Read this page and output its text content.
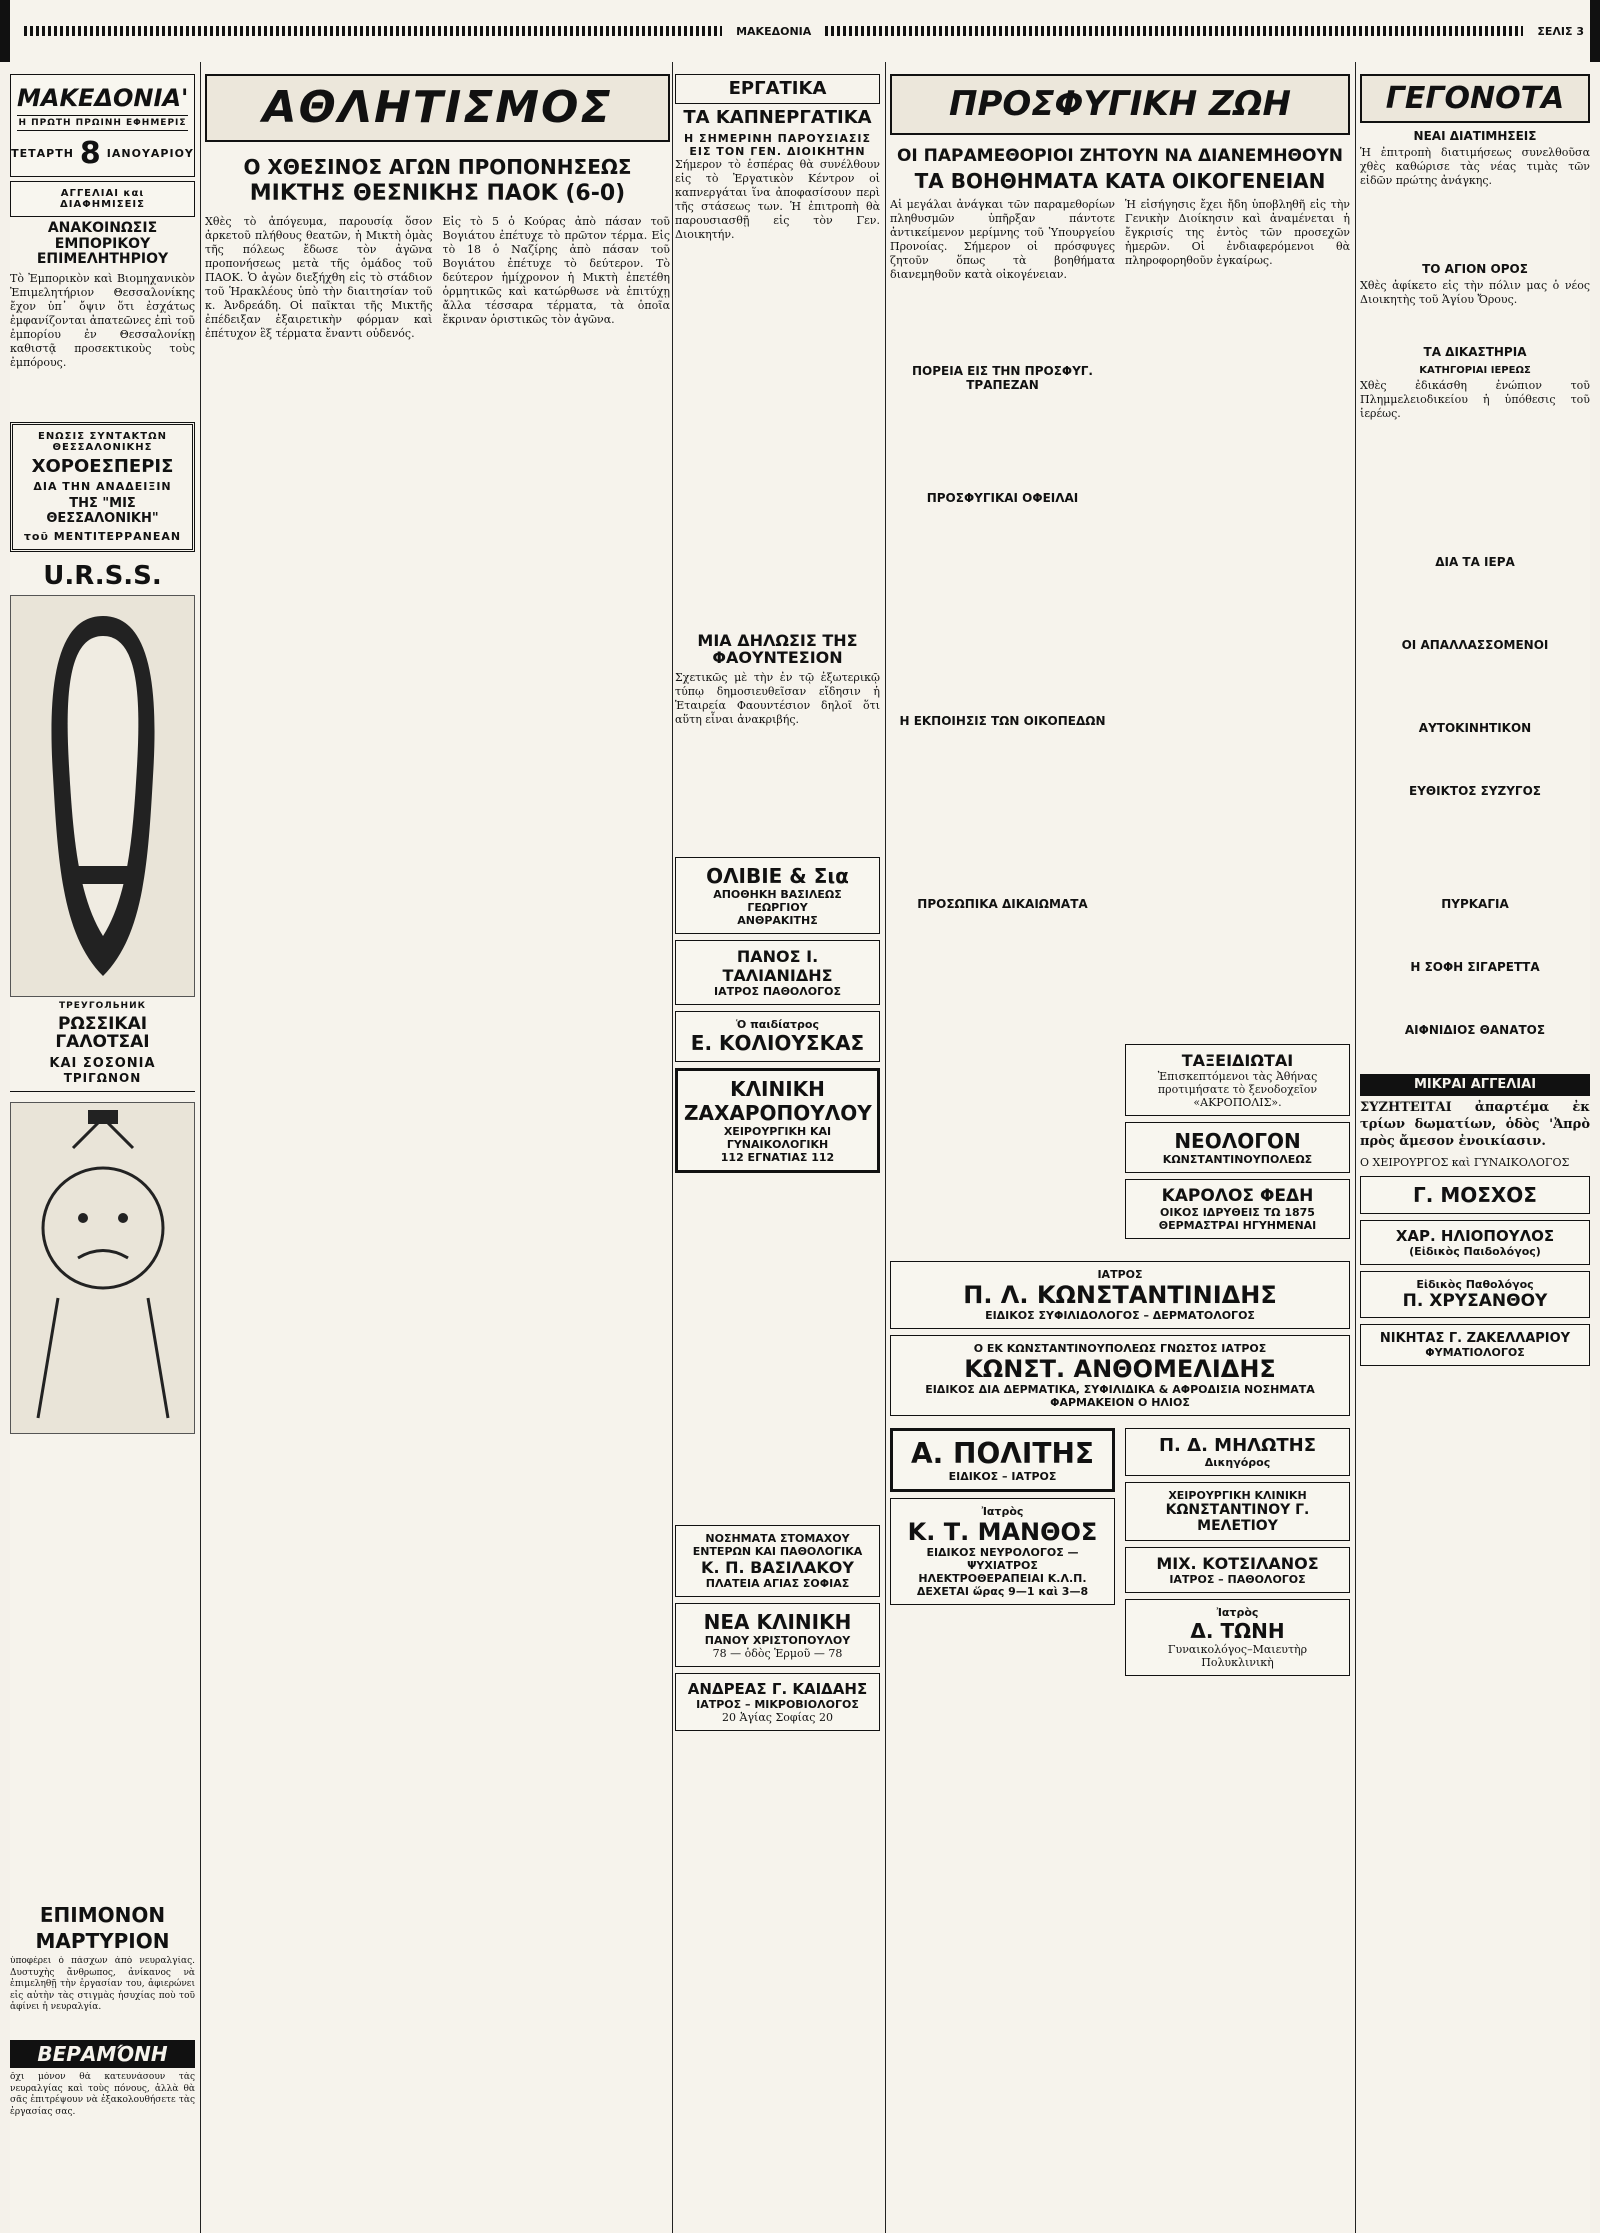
ΜΑΚΕΔΟΝΙΑ	ΣΕΛΙΣ 3
ΜΑΚΕΔΟΝΙΑ'
Η ΠΡΩΤΗ ΠΡΩΙΝΗ ΕΦΗΜΕΡΙΣ
ΤΕΤΑΡΤΗ 8 ΙΑΝΟΥΑΡΙΟΥ
ΑΓΓΕΛΙΑΙ και ΔΙΑΦΗΜΙΣΕΙΣ
ΑΝΑΚΟΙΝΩΣΙΣ ΕΜΠΟΡΙΚΟΥ ΕΠΙΜΕΛΗΤΗΡΙΟΥ
Τὸ Ἐμπορικὸν καὶ Βιομηχανικὸν Ἐπιμελητήριον Θεσσαλονίκης ἔχον ὑπ᾿ ὄψιν ὅτι ἐσχάτως ἐμφανίζονται ἀπατεῶνες ἐπὶ τοῦ ἐμπορίου ἐν Θεσσαλονίκῃ καθιστᾷ προσεκτικοὺς τοὺς ἐμπόρους.
ΕΝΩΣΙΣ ΣΥΝΤΑΚΤΩΝ ΘΕΣΣΑΛΟΝΙΚΗΣ
ΧΟΡΟΕΣΠΕΡΙΣ
ΔΙΑ ΤΗΝ ΑΝΑΔΕΙΞΙΝ
ΤΗΣ "ΜΙΣ ΘΕΣΣΑΛΟΝΙΚΗ"
τοῦ ΜΕΝΤΙΤΕΡΡΑΝΕΑΝ
U.R.S.S.
ТРЕУГОЛЬНИК
ΡΩΣΣΙΚΑΙ ΓΑΛΟΤΣΑΙ
ΚΑΙ ΣΟΣΟΝΙΑ
ΤΡΙΓΩΝΟΝ
ΑΘΛΗΤΙΣΜΟΣ
Ο ΧΘΕΣΙΝΟΣ ΑΓΩΝ ΠΡΟΠΟΝΗΣΕΩΣ
ΜΙΚΤΗΣ ΘΕΣΝΙΚΗΣ ΠΑΟΚ (6-0)

Χθὲς τὸ ἀπόγευμα, παρουσίᾳ ὅσον ἀρκετοῦ πλήθους θεατῶν, ἡ Μικτὴ ὁμὰς τῆς πόλεως ἔδωσε τὸν ἀγῶνα προπονήσεως μετὰ τῆς ὁμάδος τοῦ ΠΑΟΚ. Ὁ ἀγὼν διεξήχθη εἰς τὸ στάδιον τοῦ Ἡρακλέους ὑπὸ τὴν διαιτησίαν τοῦ κ. Ἀνδρεάδη. Οἱ παῖκται τῆς Μικτῆς ἐπέδειξαν ἐξαιρετικὴν φόρμαν καὶ ἐπέτυχον ἓξ τέρματα ἔναντι οὐδενός.

Εἰς τὸ 5 ὁ Κούρας ἀπὸ πάσαν τοῦ Βογιάτου ἐπέτυχε τὸ πρῶτον τέρμα. Εἰς τὸ 18 ὁ Ναζίρης ἀπὸ πάσαν τοῦ Βογιάτου ἐπέτυχε τὸ δεύτερον. Τὸ δεύτερον ἡμίχρονον ἡ Μικτὴ ἐπετέθη ὁρμητικῶς καὶ κατώρθωσε νὰ ἐπιτύχῃ ἄλλα τέσσαρα τέρματα, τὰ ὁποῖα ἔκριναν ὁριστικῶς τὸν ἀγῶνα.

ΕΡΓΑΤΙΚΑ
ΤΑ ΚΑΠΝΕΡΓΑΤΙΚΑ
Η ΣΗΜΕΡΙΝΗ ΠΑΡΟΥΣΙΑΣΙΣ ΕΙΣ ΤΟΝ ΓΕΝ. ΔΙΟΙΚΗΤΗΝ
Σήμερον τὸ ἑσπέρας θὰ συνέλθουν εἰς τὸ Ἐργατικὸν Κέντρον οἱ καπνεργάται ἵνα ἀποφασίσουν περὶ τῆς στάσεως των. Ἡ ἐπιτροπὴ θὰ παρουσιασθῇ εἰς τὸν Γεν. Διοικητήν.
ΜΙΑ ΔΗΛΩΣΙΣ ΤΗΣ ΦΑΟΥΝΤΕΣΙΟΝ
Σχετικῶς μὲ τὴν ἐν τῷ ἐξωτερικῷ τύπῳ δημοσιευθεῖσαν εἴδησιν ἡ Ἑταιρεία Φαουντέσιον δηλοῖ ὅτι αὕτη εἶναι ἀνακριβής.
ΟΛΙΒΙΕ & Σια
ΑΠΟΘΗΚΗ ΒΑΣΙΛΕΩΣ ΓΕΩΡΓΙΟΥ
ΑΝΘΡΑΚΙΤΗΣ
ΠΑΝΟΣ Ι. ΤΑΛΙΑΝΙΔΗΣ
ΙΑΤΡΟΣ ΠΑΘΟΛΟΓΟΣ
Ὁ παιδίατρος
Ε. ΚΟΛΙΟΥΣΚΑΣ
ΚΛΙΝΙΚΗ ΖΑΧΑΡΟΠΟΥΛΟΥ
ΧΕΙΡΟΥΡΓΙΚΗ ΚΑΙ ΓΥΝΑΙΚΟΛΟΓΙΚΗ
112 ΕΓΝΑΤΙΑΣ 112
ΝΟΣΗΜΑΤΑ ΣΤΟΜΑΧΟΥ ΕΝΤΕΡΩΝ ΚΑΙ ΠΑΘΟΛΟΓΙΚΑ
Κ. Π. ΒΑΣΙΛΑΚΟΥ
ΠΛΑΤΕΙΑ ΑΓΙΑΣ ΣΟΦΙΑΣ
ΝΕΑ ΚΛΙΝΙΚΗ
ΠΑΝΟΥ ΧΡΙΣΤΟΠΟΥΛΟΥ
78 — ὁδὸς Ἑρμοῦ — 78
ΑΝΔΡΕΑΣ Γ. ΚΑΙΔΑΗΣ
ΙΑΤΡΟΣ – ΜΙΚΡΟΒΙΟΛΟΓΟΣ
20 Ἁγίας Σοφίας 20
ΠΡΟΣΦΥΓΙΚΗ ΖΩΗ
ΟΙ ΠΑΡΑΜΕΘΟΡΙΟΙ ΖΗΤΟΥΝ ΝΑ ΔΙΑΝΕΜΗΘΟΥΝ
ΤΑ ΒΟΗΘΗΜΑΤΑ ΚΑΤΑ ΟΙΚΟΓΕΝΕΙΑΝ
Αἱ μεγάλαι ἀνάγκαι τῶν παραμεθορίων πληθυσμῶν ὑπῆρξαν πάντοτε ἀντικείμενον μερίμνης τοῦ Ὑπουργείου Προνοίας. Σήμερον οἱ πρόσφυγες ζητοῦν ὅπως τὰ βοηθήματα διανεμηθοῦν κατὰ οἰκογένειαν.
ΠΟΡΕΙΑ ΕΙΣ ΤΗΝ ΠΡΟΣΦΥΓ. ΤΡΑΠΕΖΑΝ
ΠΡΟΣΦΥΓΙΚΑΙ ΟΦΕΙΛΑΙ
Η ΕΚΠΟΙΗΣΙΣ ΤΩΝ ΟΙΚΟΠΕΔΩΝ
ΠΡΟΣΩΠΙΚΑ ΔΙΚΑΙΩΜΑΤΑ
Ἡ εἰσήγησις ἔχει ἤδη ὑποβληθῆ εἰς τὴν Γενικὴν Διοίκησιν καὶ ἀναμένεται ἡ ἔγκρισίς της ἐντὸς τῶν προσεχῶν ἡμερῶν. Οἱ ἐνδιαφερόμενοι θὰ πληροφορηθοῦν ἐγκαίρως.
ΤΑΞΕΙΔΙΩΤΑΙ
Ἐπισκεπτόμενοι τὰς Ἀθήνας προτιμήσατε τὸ ξενοδοχεῖον «ΑΚΡΟΠΟΛΙΣ».
ΝΕΟΛΟΓΟΝ
ΚΩΝΣΤΑΝΤΙΝΟΥΠΟΛΕΩΣ
ΚΑΡΟΛΟΣ ΦΕΔΗ
ΟΙΚΟΣ ΙΔΡΥΘΕΙΣ ΤΩ 1875
ΘΕΡΜΑΣΤΡΑΙ ΗΓΥΗΜΕΝΑΙ
ΙΑΤΡΟΣ
Π. Λ. ΚΩΝΣΤΑΝΤΙΝΙΔΗΣ
ΕΙΔΙΚΟΣ ΣΥΦΙΛΙΔΟΛΟΓΟΣ – ΔΕΡΜΑΤΟΛΟΓΟΣ
Ο ΕΚ ΚΩΝΣΤΑΝΤΙΝΟΥΠΟΛΕΩΣ ΓΝΩΣΤΟΣ ΙΑΤΡΟΣ
ΚΩΝΣΤ. ΑΝΘΟΜΕΛΙΔΗΣ
ΕΙΔΙΚΟΣ ΔΙΑ ΔΕΡΜΑΤΙΚΑ, ΣΥΦΙΛΙΔΙΚΑ & ΑΦΡΟΔΙΣΙΑ ΝΟΣΗΜΑΤΑ
ΦΑΡΜΑΚΕΙΟΝ Ο ΗΛΙΟΣ
Α. ΠΟΛΙΤΗΣ
ΕΙΔΙΚΟΣ – ΙΑΤΡΟΣ
Ἰατρὸς
Κ. Τ. ΜΑΝΘΟΣ
ΕΙΔΙΚΟΣ ΝΕΥΡΟΛΟΓΟΣ — ΨΥΧΙΑΤΡΟΣ
ΗΛΕΚΤΡΟΘΕΡΑΠΕΙΑΙ Κ.Λ.Π.
ΔΕΧΕΤΑΙ ὥρας 9—1 καὶ 3—8
Π. Δ. ΜΗΛΩΤΗΣ
Δικηγόρος
ΧΕΙΡΟΥΡΓΙΚΗ ΚΛΙΝΙΚΗ
ΚΩΝΣΤΑΝΤΙΝΟΥ Γ. ΜΕΛΕΤΙΟΥ
ΜΙΧ. ΚΟΤΣΙΛΑΝΟΣ
ΙΑΤΡΟΣ – ΠΑΘΟΛΟΓΟΣ
Ἰατρὸς
Δ. ΤΩΝΗ
Γυναικολόγος–Μαιευτὴρ Πολυκλινικὴ
ΓΕΓΟΝΟΤΑ
ΝΕΑΙ ΔΙΑΤΙΜΗΣΕΙΣ
Ἡ ἐπιτροπὴ διατιμήσεως συνελθοῦσα χθὲς καθώρισε τὰς νέας τιμὰς τῶν εἰδῶν πρώτης ἀνάγκης.
ΤΟ ΑΓΙΟΝ ΟΡΟΣ
Χθὲς ἀφίκετο εἰς τὴν πόλιν μας ὁ νέος Διοικητὴς τοῦ Ἁγίου Ὄρους.
ΤΑ ΔΙΚΑΣΤΗΡΙΑ
ΚΑΤΗΓΟΡΙΑΙ ΙΕΡΕΩΣ
Χθὲς ἐδικάσθη ἐνώπιον τοῦ Πλημμελειοδικείου ἡ ὑπόθεσις τοῦ ἱερέως.
ΔΙΑ ΤΑ ΙΕΡΑ
ΟΙ ΑΠΑΛΛΑΣΣΟΜΕΝΟΙ
ΑΥΤΟΚΙΝΗΤΙΚΟΝ
ΕΥΘΙΚΤΟΣ ΣΥΖΥΓΟΣ
ΠΥΡΚΑΓΙΑ
Η ΣΟΦΗ ΣΙΓΑΡΕΤΤΑ
ΑΙΦΝΙΔΙΟΣ ΘΑΝΑΤΟΣ
ΜΙΚΡΑΙ ΑΓΓΕΛΙΑΙ
ΣΥΖΗΤΕΙΤΑΙ ἀπαρτέμα ἐκ τρίων δωματίων, ὁδὸς 'Ἀπρὸ πρὸς ἄμεσον ἐνοικίασιν.
Ο ΧΕΙΡΟΥΡΓΟΣ καὶ ΓΥΝΑΙΚΟΛΟΓΟΣ
Γ. ΜΟΣΧΟΣ
ΧΑΡ. ΗΛΙΟΠΟΥΛΟΣ
(Εἰδικὸς Παιδολόγος)
Εἰδικὸς Παθολόγος
Π. ΧΡΥΣΑΝΘΟΥ
ΝΙΚΗΤΑΣ Γ. ΖΑΚΕΛΛΑΡΙΟΥ
ΦΥΜΑΤΙΟΛΟΓΟΣ
ΕΠΙΜΟΝΟΝ
ΜΑΡΤΥΡΙΟΝ
ὑποφέρει ὁ πάσχων ἀπὸ νευραλγίας. Δυστυχὴς ἄνθρωπος, ἀνίκανος νὰ ἐπιμεληθῇ τὴν ἐργασίαν του, ἀφιερώνει εἰς αὐτὴν τὰς στιγμὰς ἡσυχίας ποὺ τοῦ ἀφίνει ἡ νευραλγία.
ΒΕΡΑΜΌΝΗ
ὄχι μόνον θὰ κατευνάσουν τὰς νευραλγίας καὶ τοὺς πόνους, ἀλλὰ θὰ σᾶς ἐπιτρέψουν νὰ ἐξακολουθήσετε τὰς ἐργασίας σας.
